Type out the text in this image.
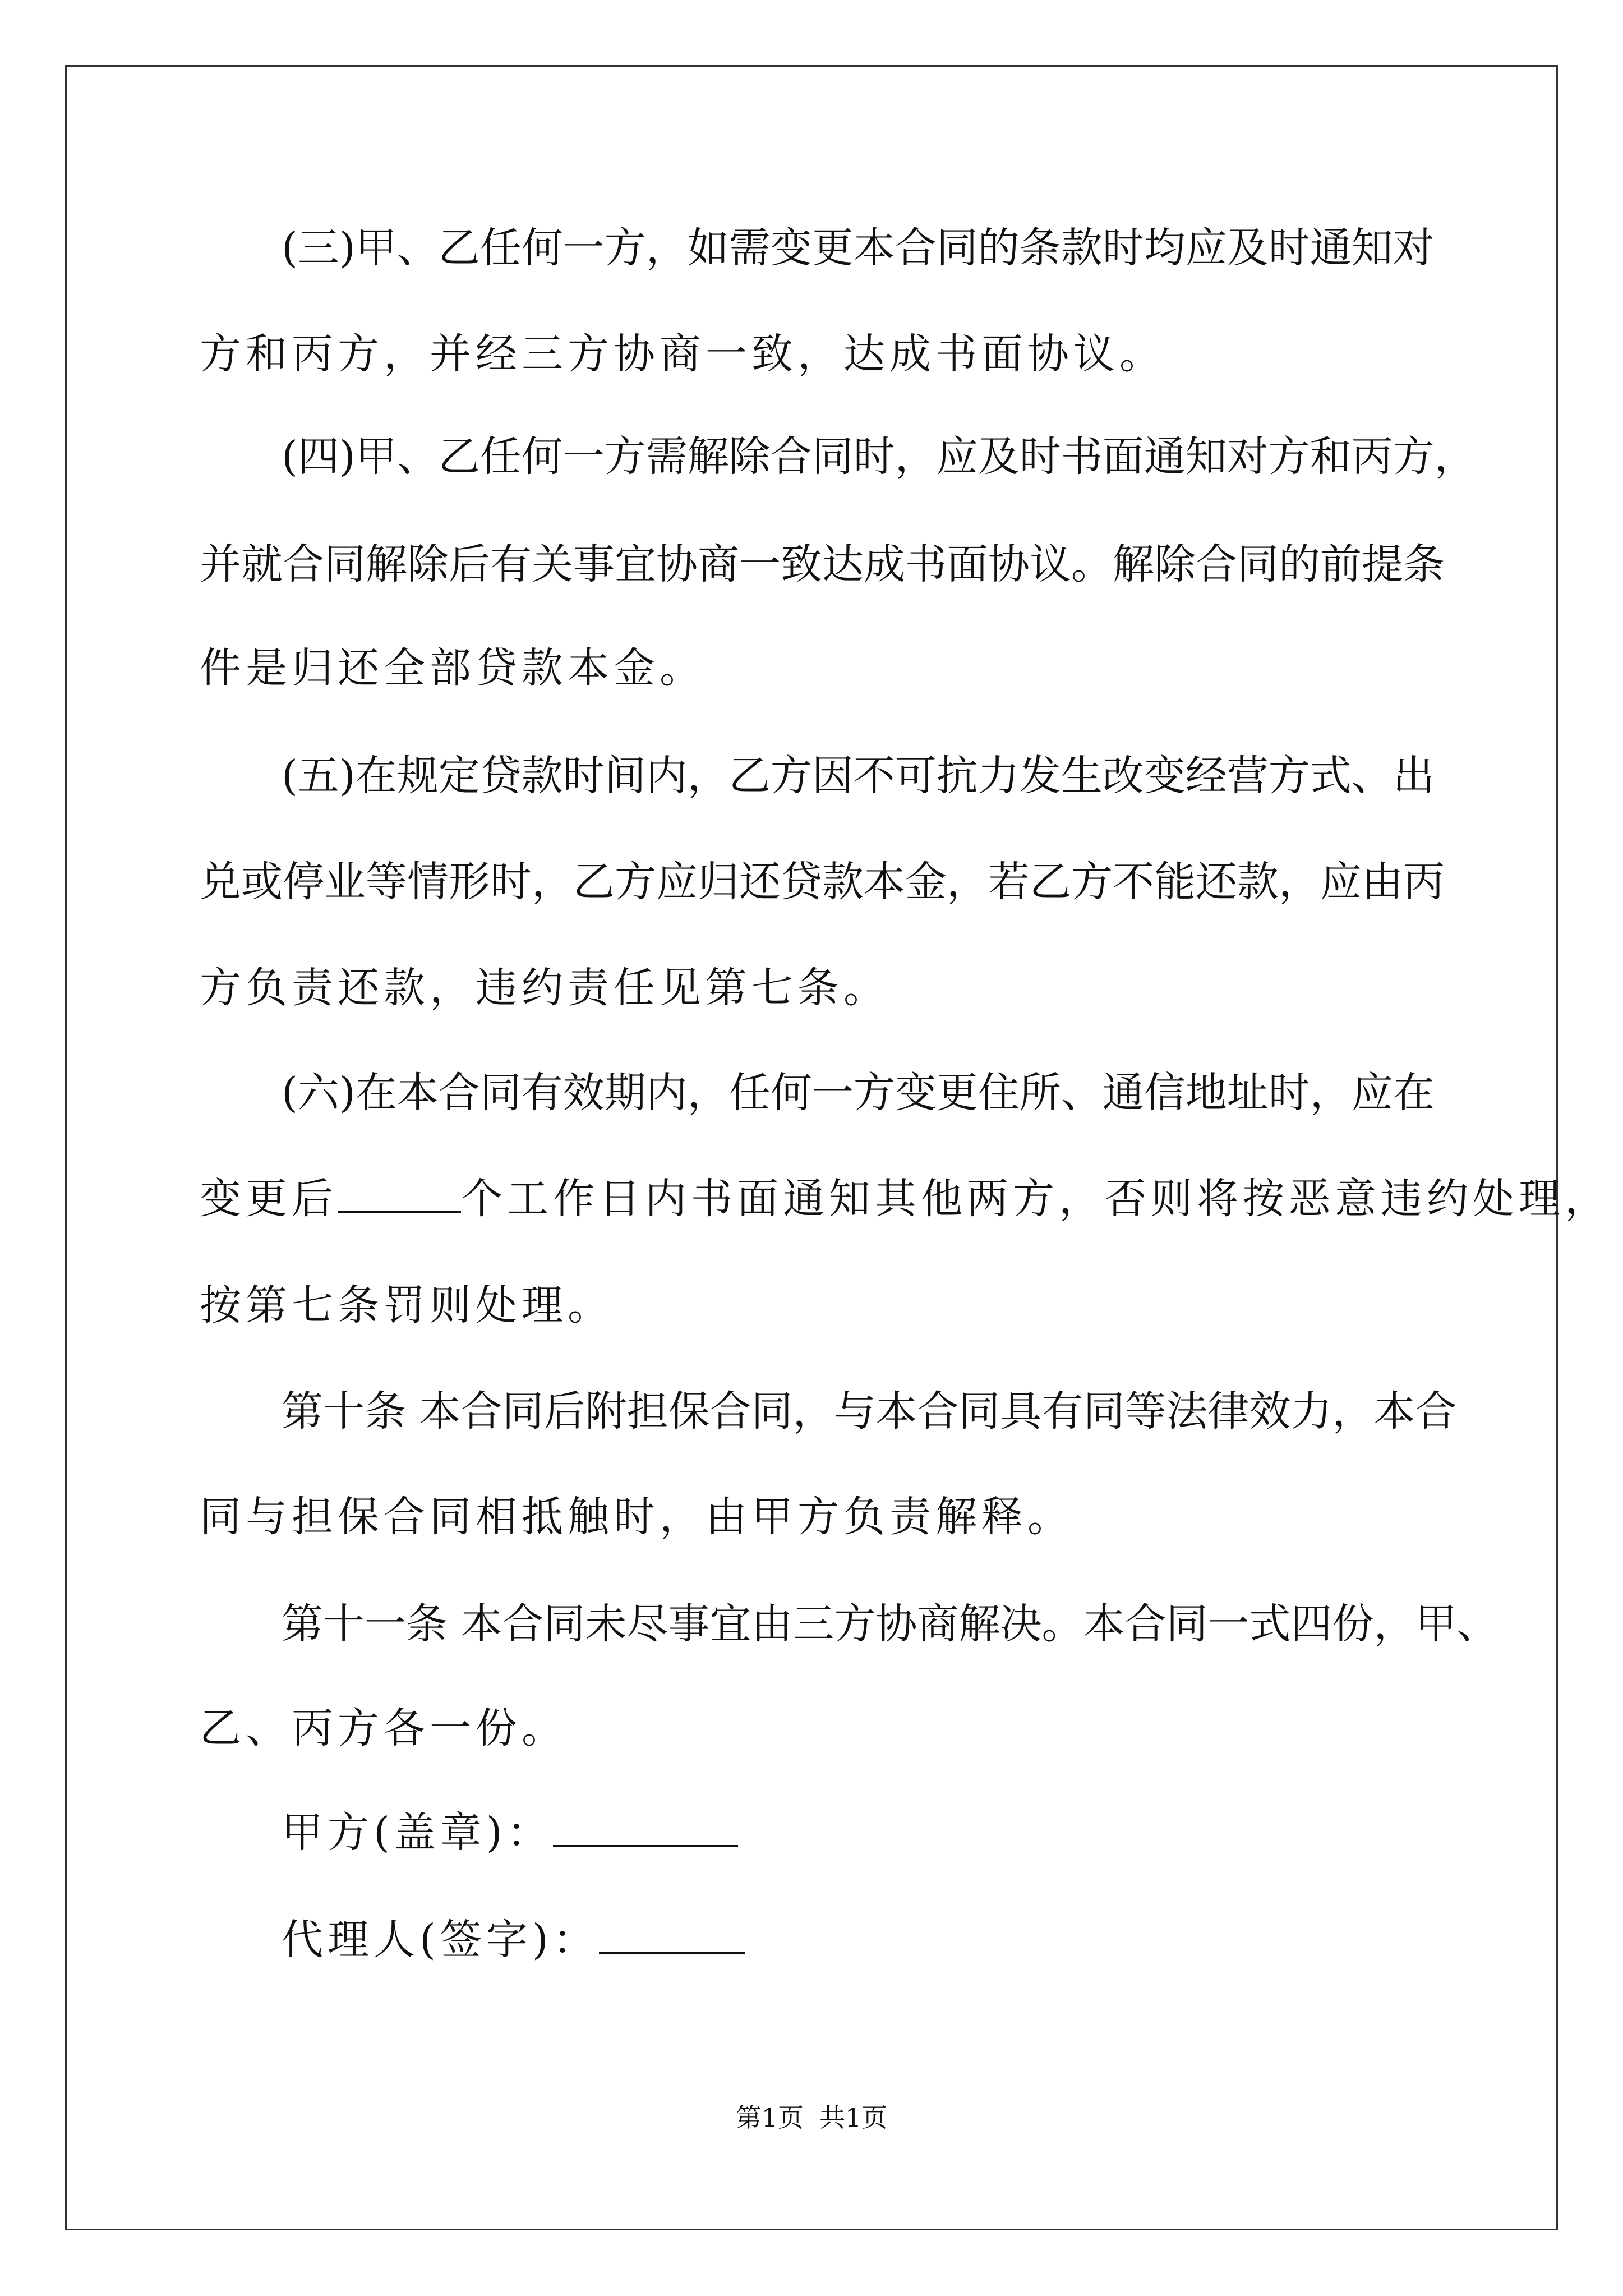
(三)甲、乙任何一方，如需变更本合同的条款时均应及时通知对
方和丙方，并经三方协商一致，达成书面协议。
(四)甲、乙任何一方需解除合同时，应及时书面通知对方和丙方，
并就合同解除后有关事宜协商一致达成书面协议。解除合同的前提条
件是归还全部贷款本金。
(五)在规定贷款时间内，乙方因不可抗力发生改变经营方式、出
兑或停业等情形时，乙方应归还贷款本金，若乙方不能还款，应由丙
方负责还款，违约责任见第七条。
(六)在本合同有效期内，任何一方变更住所、通信地址时，应在
变更后	个工作日内书面通知其他两方，否则将按恶意违约处理，
按第七条罚则处理。
第十条 本合同后附担保合同，与本合同具有同等法律效力，本合
同与担保合同相抵触时，由甲方负责解释。
第十一条 本合同未尽事宜由三方协商解决。本合同一式四份，甲、
乙、丙方各一份。
甲方(盖章)：
代理人(签字)：
第1页 共1页
